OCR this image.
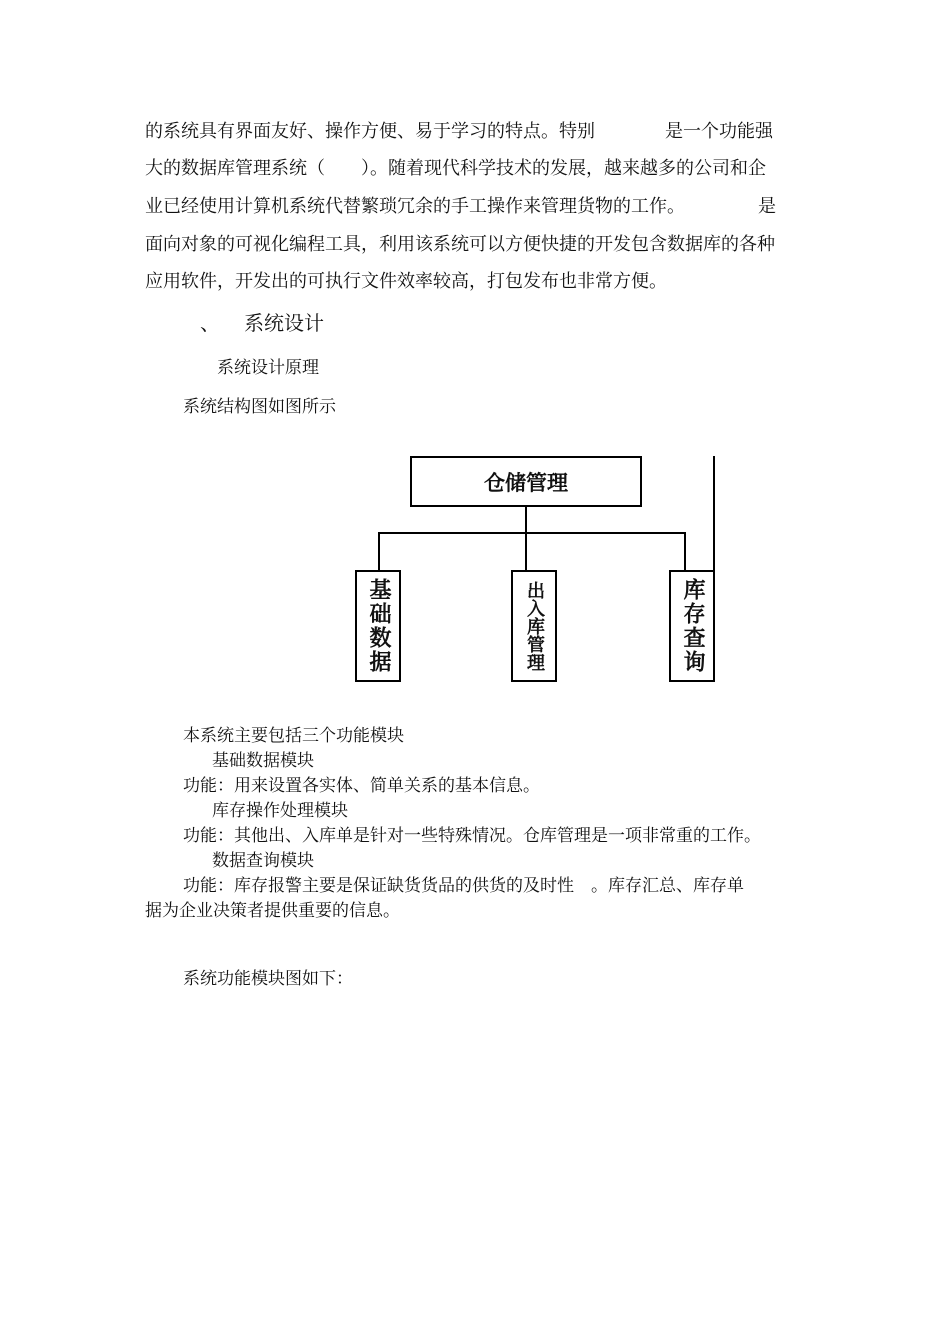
的系统具有界面友好、操作方便、易于学习的特点。特别	是一个功能强
大的数据库管理系统（　　）。随着现代科学技术的发展，越来越多的公司和企
业已经使用计算机系统代替繁琐冗余的手工操作来管理货物的工作。	是
面向对象的可视化编程工具，利用该系统可以方便快捷的开发包含数据库的各种
应用软件，开发出的可执行文件效率较高，打包发布也非常方便。
、 系统设计
系统设计原理
系统结构图如图所示
仓储管理
基础数据	出入库管理	库存查询
本系统主要包括三个功能模块
基础数据模块
功能：用来设置各实体、简单关系的基本信息。
库存操作处理模块
功能：其他出、入库单是针对一些特殊情况。仓库管理是一项非常重的工作。
数据查询模块
功能：库存报警主要是保证缺货货品的供货的及时性　。库存汇总、库存单
据为企业决策者提供重要的信息。
系统功能模块图如下：
